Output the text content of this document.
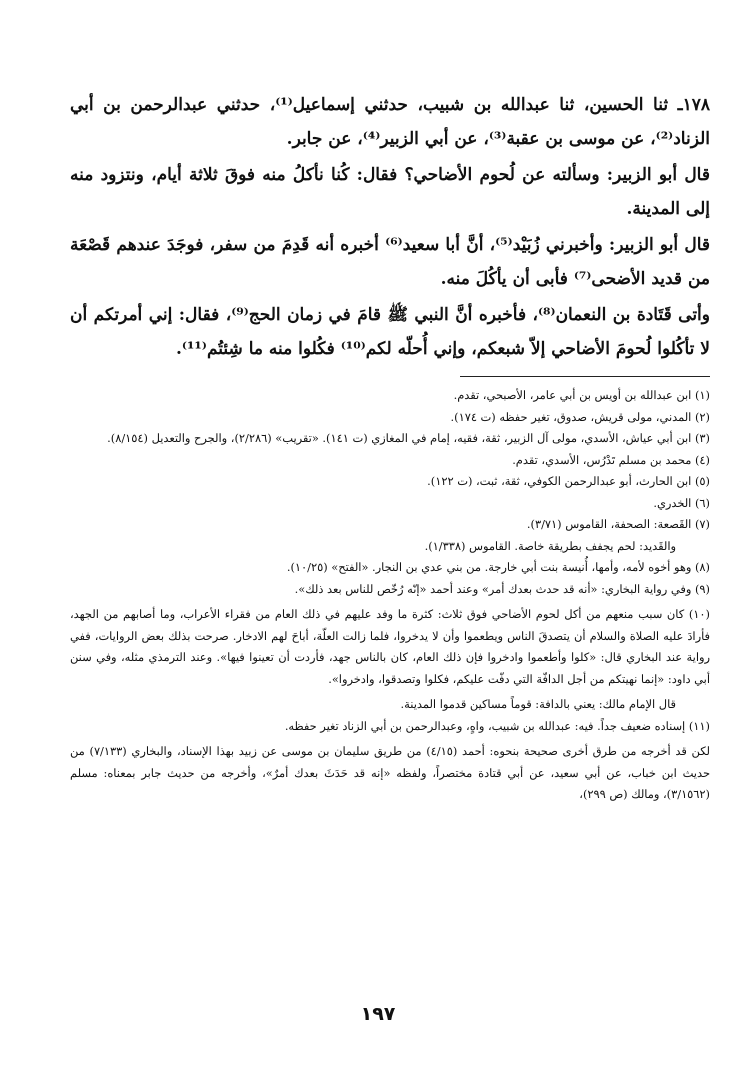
١٧٨ـ ثنا الحسين، ثنا عبدالله بن شبيب، حدثني إسماعيل⁽¹⁾، حدثني عبدالرحمن بن أبي الزناد⁽²⁾، عن موسى بن عقبة⁽³⁾، عن أبي الزبير⁽⁴⁾، عن جابر.

قال أبو الزبير: وسألته عن لُحوم الأضاحي؟ فقال: كُنا نأكلُ منه فوقَ ثلاثة أيام، ونتزود منه إلى المدينة.

قال أبو الزبير: وأخبرني زُبَيْد⁽⁵⁾، أنَّ أبا سعيد⁽⁶⁾ أخبره أنه قَدِمَ من سفر، فوجَدَ عندهم قَصْعَة من قديد الأضحى⁽⁷⁾ فأبى أن يأكُلَ منه.

وأتى قَتَادة بن النعمان⁽⁸⁾، فأخبره أنَّ النبي ﷺ قامَ في زمان الحج⁽⁹⁾، فقال: إني أمرتكم أن لا تأكُلوا لُحومَ الأضاحي إلاّ شبعكم، وإني أُحلّه لكم⁽¹⁰⁾ فكُلوا منه ما شِئتُم⁽¹¹⁾.

(١) ابن عبدالله بن أويس بن أبي عامر، الأصبحي، تقدم.

(٢) المدني، مولى قريش، صدوق، تغير حفظه (ت ١٧٤).

(٣) ابن أبي عياش، الأسدي، مولى آل الزبير، ثقة، فقيه، إمام في المغازي (ت ١٤١). «تقريب» (٢/٢٨٦)، والجرح والتعديل (٨/١٥٤).

(٤) محمد بن مسلم تَدْرُس، الأسدي، تقدم.

(٥) ابن الحارث، أبو عبدالرحمن الكوفي، ثقة، ثبت، (ت ١٢٢).

(٦) الخدري.

(٧) القَصعة: الصحفة، القاموس (٣/٧١).

والقَديد: لحم يجفف بطريقة خاصة. القاموس (١/٣٣٨).

(٨) وهو أخوه لأمه، وأمها، أُنيسة بنت أبي خارجة. من بني عدي بن النجار. «الفتح» (١٠/٢٥).

(٩) وفي رواية البخاري: «أنه قد حدث بعدك أمر» وعند أحمد «إنّه رُخّص للناس بعد ذلك».

(١٠) كان سبب منعهم من أكل لحوم الأضاحي فوق ثلاث: كثرة ما وفد عليهم في ذلك العام من فقراء الأعراب، وما أصابهم من الجهد، فأرادَ عليه الصلاة والسلام أن يتصدقَ الناس ويطعموا وأن لا يدخروا، فلما زالت العلّة، أباحَ لهم الادخار. صرحت بذلك بعض الروايات، ففي رواية عند البخاري قال: «كلوا وأطعموا وادخروا فإن ذلك العام، كان بالناس جهد، فأردت أن تعينوا فيها». وعند الترمذي مثله، وفي سنن أبي داود: «إنما نهيتكم من أجل الدافّة التي دفّت عليكم، فكلوا وتصدقوا، وادخروا».

قال الإمام مالك: يعني بالدافة: قوماً مساكين قدموا المدينة.

(١١) إسناده ضعيف جداً. فيه: عبدالله بن شبيب، واهٍ، وعبدالرحمن بن أبي الزناد تغير حفظه.

لكن قد أخرجه من طرق أخرى صحيحة بنحوه: أحمد (٤/١٥) من طريق سليمان بن موسى عن زبيد بهذا الإسناد، والبخاري (٧/١٣٣) من حديث ابن خباب، عن أبي سعيد، عن أبي قتادة مختصراً، ولفظه «إنه قد حَدَثَ بعدك أمرٌ»، وأخرجه من حديث جابر بمعناه: مسلم (٣/١٥٦٢)، ومالك (ص ٢٩٩)،

١٩٧
